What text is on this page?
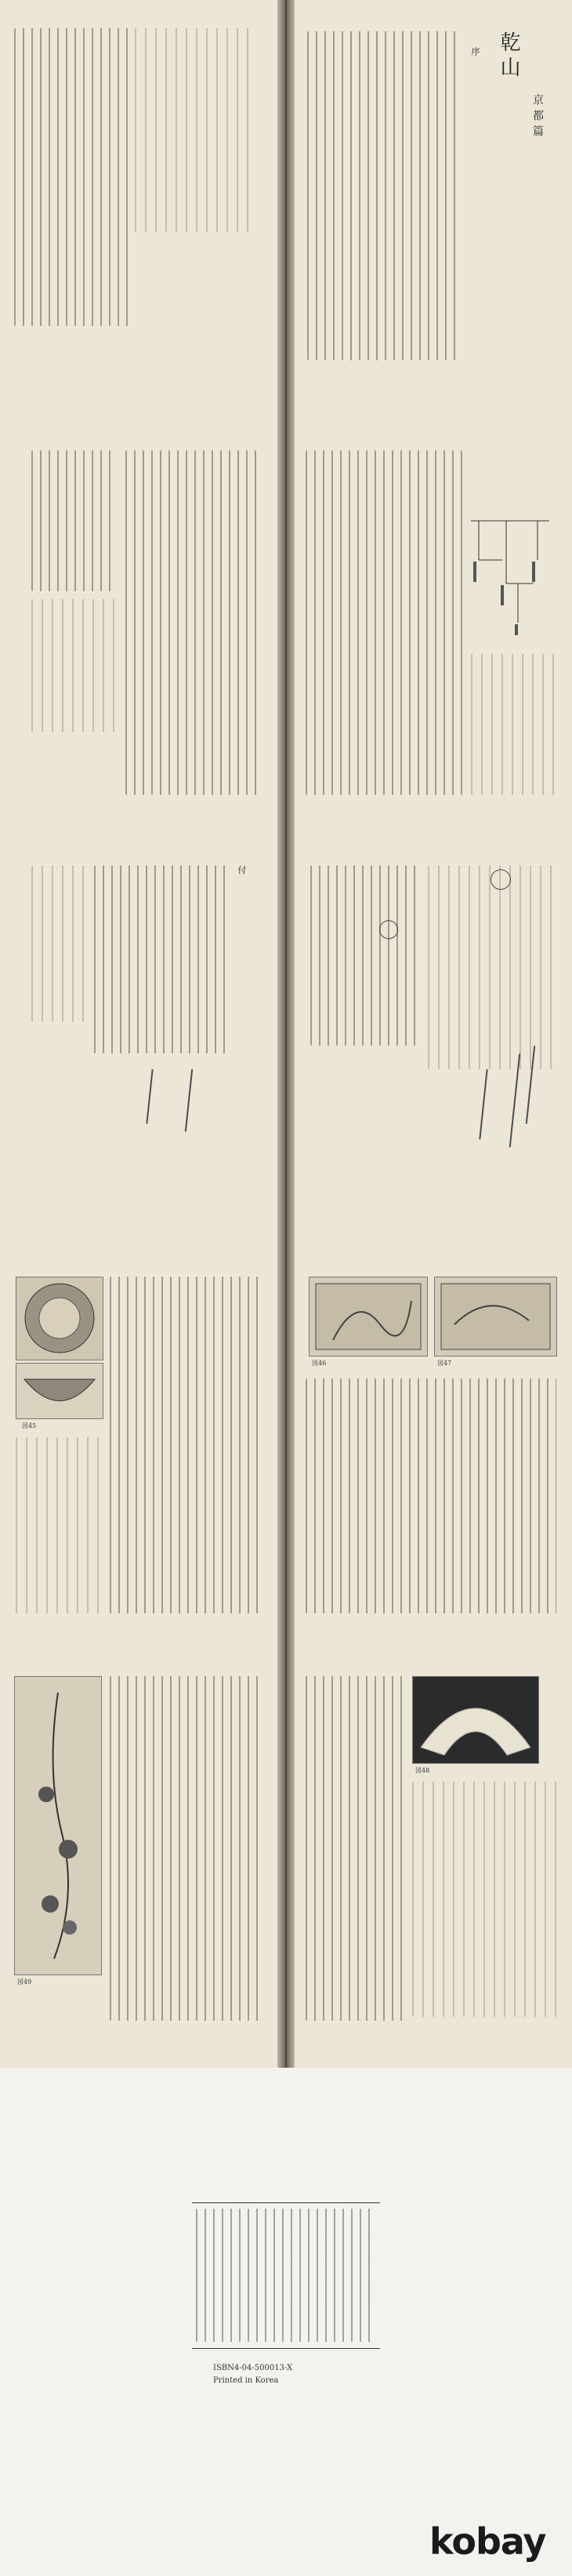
乾山
京都篇
序
付
図45
図46	図47
図49
図48
ISBN4-04-500013-X
Printed in Korea
kobay
